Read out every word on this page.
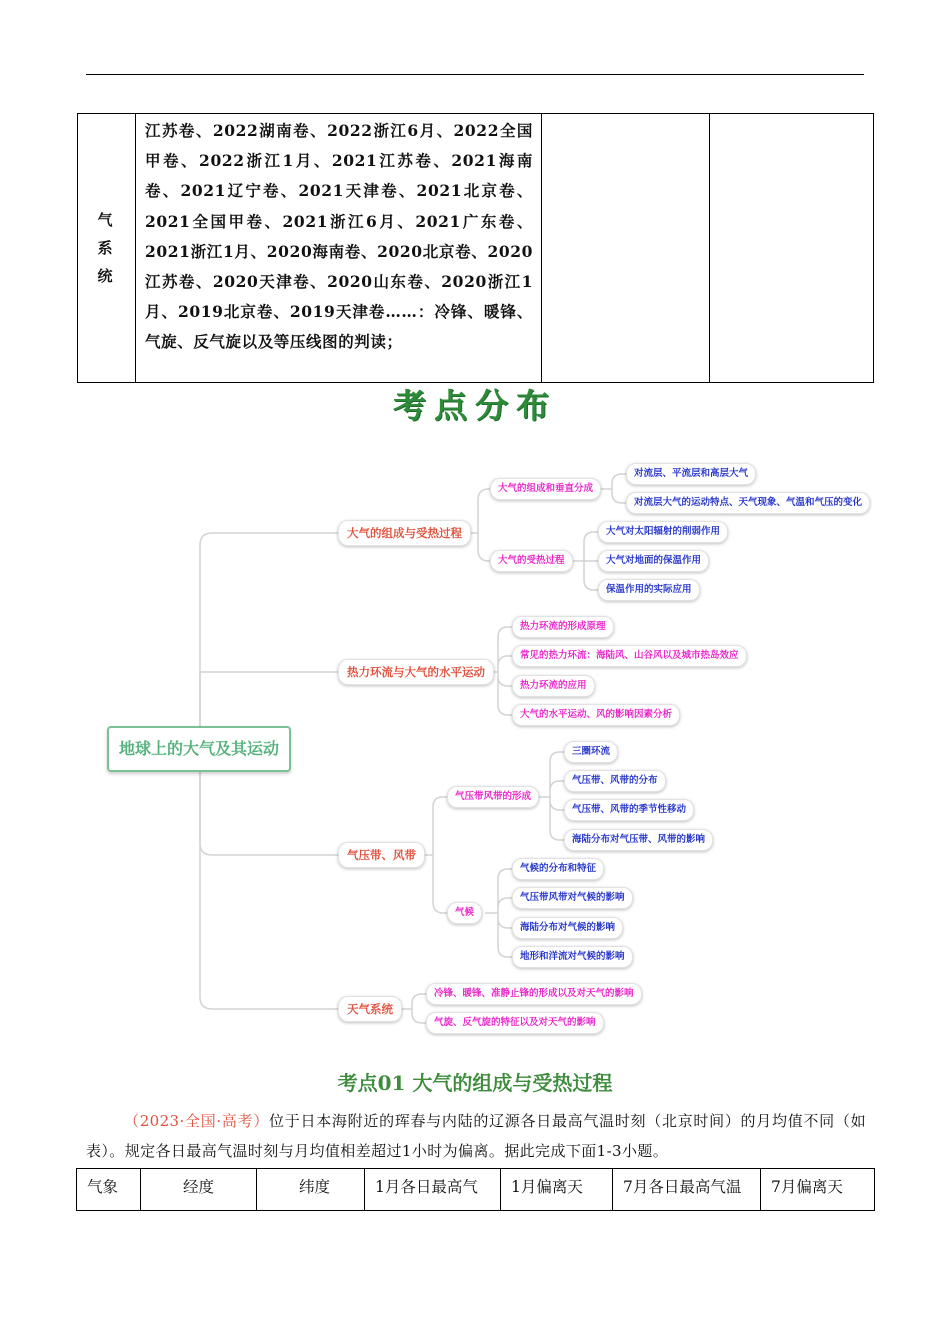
气系统	
江苏卷、2022湖南卷、2022浙江6月、2022全国甲卷、2022浙江1月、2021江苏卷、2021海南卷、2021辽宁卷、2021天津卷、2021北京卷、2021全国甲卷、2021浙江6月、2021广东卷、2021浙江1月、2020海南卷、2020北京卷、2020江苏卷、2020天津卷、2020山东卷、2020浙江1月、2019北京卷、2019天津卷……：冷锋、暖锋、气旋、反气旋以及等压线图的判读；

考点分布
地球上的大气及其运动
大气的组成与受热过程
大气的组成和垂直分成
对流层、平流层和高层大气
对流层大气的运动特点、天气现象、气温和气压的变化
大气的受热过程
大气对太阳辐射的削弱作用
大气对地面的保温作用
保温作用的实际应用
热力环流与大气的水平运动
热力环流的形成原理
常见的热力环流：海陆风、山谷风以及城市热岛效应
热力环流的应用
大气的水平运动、风的影响因素分析
气压带、风带
气压带风带的形成
三圈环流
气压带、风带的分布
气压带、风带的季节性移动
海陆分布对气压带、风带的影响
气候
气候的分布和特征
气压带风带对气候的影响
海陆分布对气候的影响
地形和洋流对气候的影响
天气系统
冷锋、暖锋、准静止锋的形成以及对天气的影响
气旋、反气旋的特征以及对天气的影响
考点01 大气的组成与受热过程
（2023·全国·高考）位于日本海附近的珲春与内陆的辽源各日最高气温时刻（北京时间）的月均值不同（如表）。规定各日最高气温时刻与月均值相差超过1小时为偏离。据此完成下面1-3小题。
气象	经度	纬度	1月各日最高气	1月偏离天	7月各日最高气温	7月偏离天
